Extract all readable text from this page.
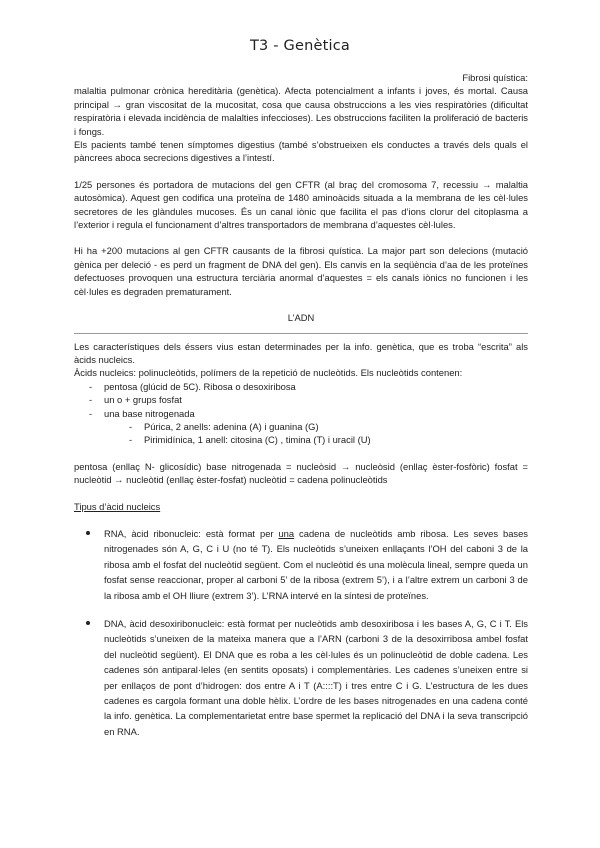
T3 - Genètica

Fibrosi quística:

malaltia pulmonar crònica hereditària (genètica). Afecta potencialment a infants i joves, és mortal. Causa principal → gran viscositat de la mucositat, cosa que causa obstruccions a les vies respiratòries (dificultat respiratòria i elevada incidència de malalties infeccioses). Les obstruccions faciliten la proliferació de bacteris i fongs.

Els pacients també tenen símptomes digestius (també s’obstrueixen els conductes a través dels quals el pàncrees aboca secrecions digestives a l’intestí.

1/25 persones és portadora de mutacions del gen CFTR (al braç del cromosoma 7, recessiu → malaltia autosòmica). Aquest gen codifica una proteïna de 1480 aminoàcids situada a la membrana de les cèl·lules secretores de les glàndules mucoses. És un canal iònic que facilita el pas d’ions clorur del citoplasma a l’exterior i regula el funcionament d’altres transportadors de membrana d’aquestes cèl·lules.

Hi ha +200 mutacions al gen CFTR causants de la fibrosi quística. La major part son delecions (mutació gènica per deleció - es perd un fragment de DNA del gen). Els canvis en la seqüència d’aa de les proteïnes defectuoses provoquen una estructura terciària anormal d’aquestes = els canals iònics no funcionen i les cèl·lules es degraden prematurament.

L’ADN

Les característiques dels éssers vius estan determinades per la info. genètica, que es troba “escrita” als àcids nucleics.

Àcids nucleics: polinucleòtids, polímers de la repetició de nucleòtids. Els nucleòtids contenen:

- pentosa (glúcid de 5C). Ribosa o desoxiribosa
- un o + grups fosfat
- una base nitrogenada
- Púrica, 2 anells: adenina (A) i guanina (G)
- Pirimidínica, 1 anell: citosina (C) , timina (T) i uracil (U)

pentosa (enllaç N- glicosídic) base nitrogenada = nucleòsid → nucleòsid (enllaç èster-fosfòric) fosfat = nucleòtid → nucleòtid (enllaç èster-fosfat) nucleòtid = cadena polinucleòtids

Tipus d’àcid nucleics

RNA, àcid ribonucleic: està format per una cadena de nucleòtids amb ribosa. Les seves bases nitrogenades són A, G, C i U (no té T). Els nucleòtids s’uneixen enllaçants l’OH del caboni 3 de la ribosa amb el fosfat del nucleòtid següent. Com el nucleòtid és una molècula lineal, sempre queda un fosfat sense reaccionar, proper al carboni 5’ de la ribosa (extrem 5’), i a l’altre extrem un carboni 3 de la ribosa amb el OH lliure (extrem 3’). L’RNA intervé en la síntesi de proteïnes.

DNA, àcid desoxiribonucleic: està format per nucleòtids amb desoxiribosa i les bases A, G, C i T. Els nucleòtids s’uneixen de la mateixa manera que a l’ARN (carboni 3 de la desoxirribosa ambel fosfat del nucleòtid següent). El DNA que es roba a les cèl·lules és un polinucleòtid de doble cadena. Les cadenes són antiparal·leles (en sentits oposats) i complementàries. Les cadenes s’uneixen entre si per enllaços de pont d’hidrogen: dos entre A i T (A::::T) i tres entre C i G. L’estructura de les dues cadenes es cargola formant una doble hèlix. L’ordre de les bases nitrogenades en una cadena conté la info. genètica. La complementarietat entre base spermet la replicació del DNA i la seva transcripció en RNA.
